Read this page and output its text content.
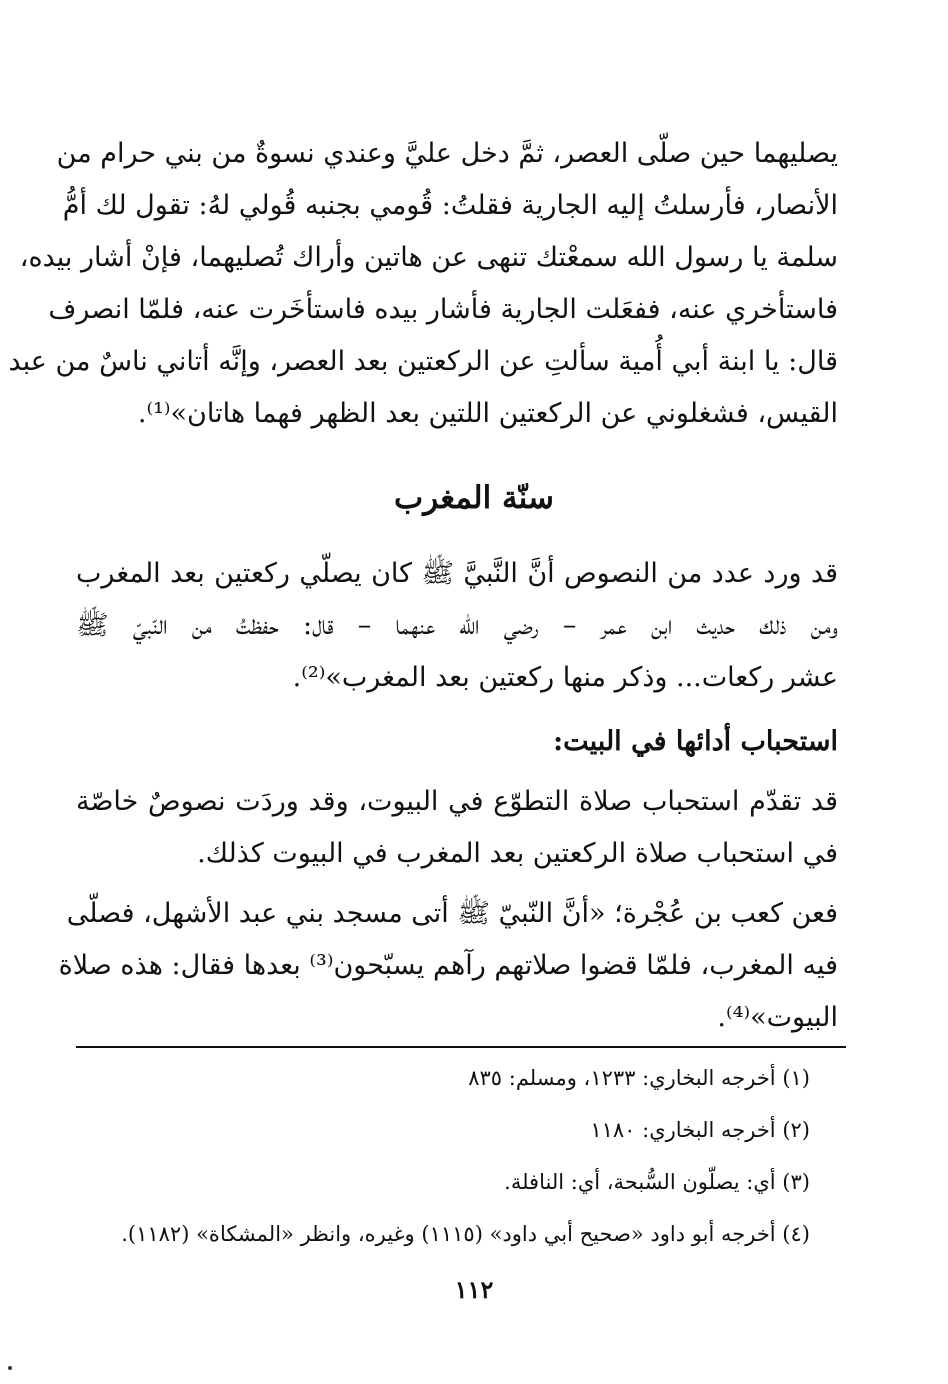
يصليهما حين صلّى العصر، ثمَّ دخل عليَّ وعندي نسوةٌ من بني حرام من
الأنصار، فأرسلتُ إليه الجارية فقلتُ: قُومي بجنبه قُولي لهُ: تقول لك أمُّ
سلمة يا رسول الله سمعْتك تنهى عن هاتين وأراك تُصليهما، فإنْ أشار بيده،
فاستأخري عنه، ففعَلت الجارية فأشار بيده فاستأخَرت عنه، فلمّا انصرف
قال: يا ابنة أبي أُمية سألتِ عن الركعتين بعد العصر، وإنَّه أتاني ناسٌ من عبد
القيس، فشغلوني عن الركعتين اللتين بعد الظهر فهما هاتان»⁽¹⁾.
سنّة المغرب
قد ورد عدد من النصوص أنَّ النَّبيَّ ﷺ كان يصلّي ركعتين بعد المغرب
ومن ذلك حديث ابن عمر – رضي الله عنهما – قال: حفظتُ من النّبيّ ﷺ
عشر ركعات... وذكر منها ركعتين بعد المغرب»⁽²⁾.
استحباب أدائها في البيت:
قد تقدّم استحباب صلاة التطوّع في البيوت، وقد وردَت نصوصٌ خاصّة
في استحباب صلاة الركعتين بعد المغرب في البيوت كذلك.
فعن كعب بن عُجْرة؛ «أنَّ النّبيّ ﷺ أتى مسجد بني عبد الأشهل، فصلّى
فيه المغرب، فلمّا قضوا صلاتهم رآهم يسبّحون⁽³⁾ بعدها فقال: هذه صلاة
البيوت»⁽⁴⁾.
(١) أخرجه البخاري: ١٢٣٣، ومسلم: ٨٣٥
(٢) أخرجه البخاري: ١١٨٠
(٣) أي: يصلّون السُّبحة، أي: النافلة.
(٤) أخرجه أبو داود «صحيح أبي داود» (١١١٥) وغيره، وانظر «المشكاة» (١١٨٢).
١١٢
